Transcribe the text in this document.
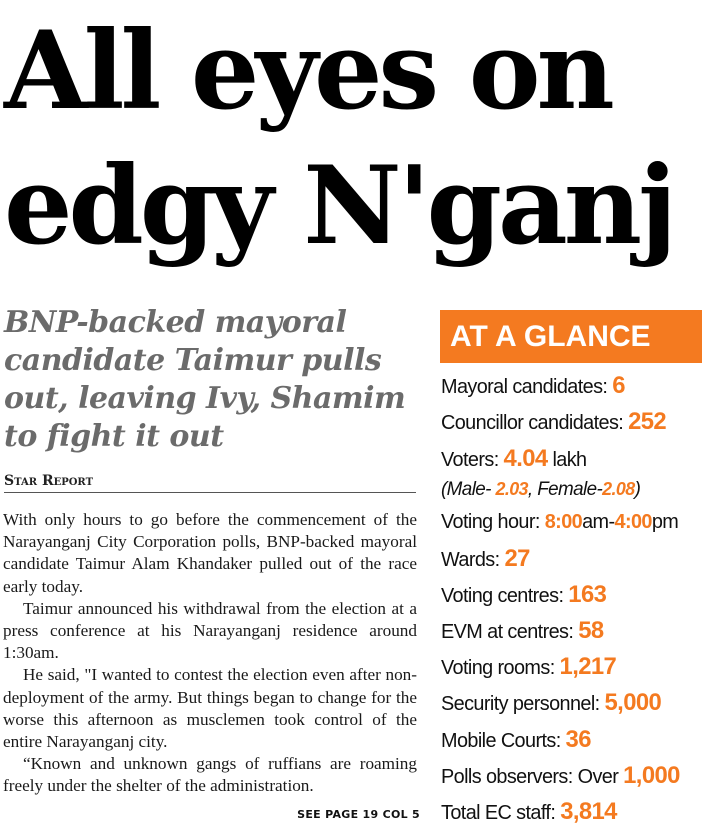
All eyes on
edgy N'ganj
BNP-backed mayoral candidate Taimur pulls out, leaving Ivy, Shamim to fight it out
Star Report

With only hours to go before the commencement of the Narayanganj City Corporation polls, BNP-backed mayoral candidate Taimur Alam Khandaker pulled out of the race early today.

Taimur announced his withdrawal from the election at a press conference at his Narayanganj residence around 1:30am.

He said, "I wanted to contest the election even after non-deployment of the army. But things began to change for the worse this afternoon as musclemen took control of the entire Narayanganj city.

“Known and unknown gangs of ruffians are roaming freely under the shelter of the administration.

SEE PAGE 19 COL 5
AT A GLANCE
Mayoral candidates: 6
Councillor candidates: 252
Voters: 4.04 lakh
(Male- 2.03, Female-2.08)
Voting hour: 8:00am-4:00pm
Wards: 27
Voting centres: 163
EVM at centres: 58
Voting rooms: 1,217
Security personnel: 5,000
Mobile Courts: 36
Polls observers: Over 1,000
Total EC staff: 3,814
